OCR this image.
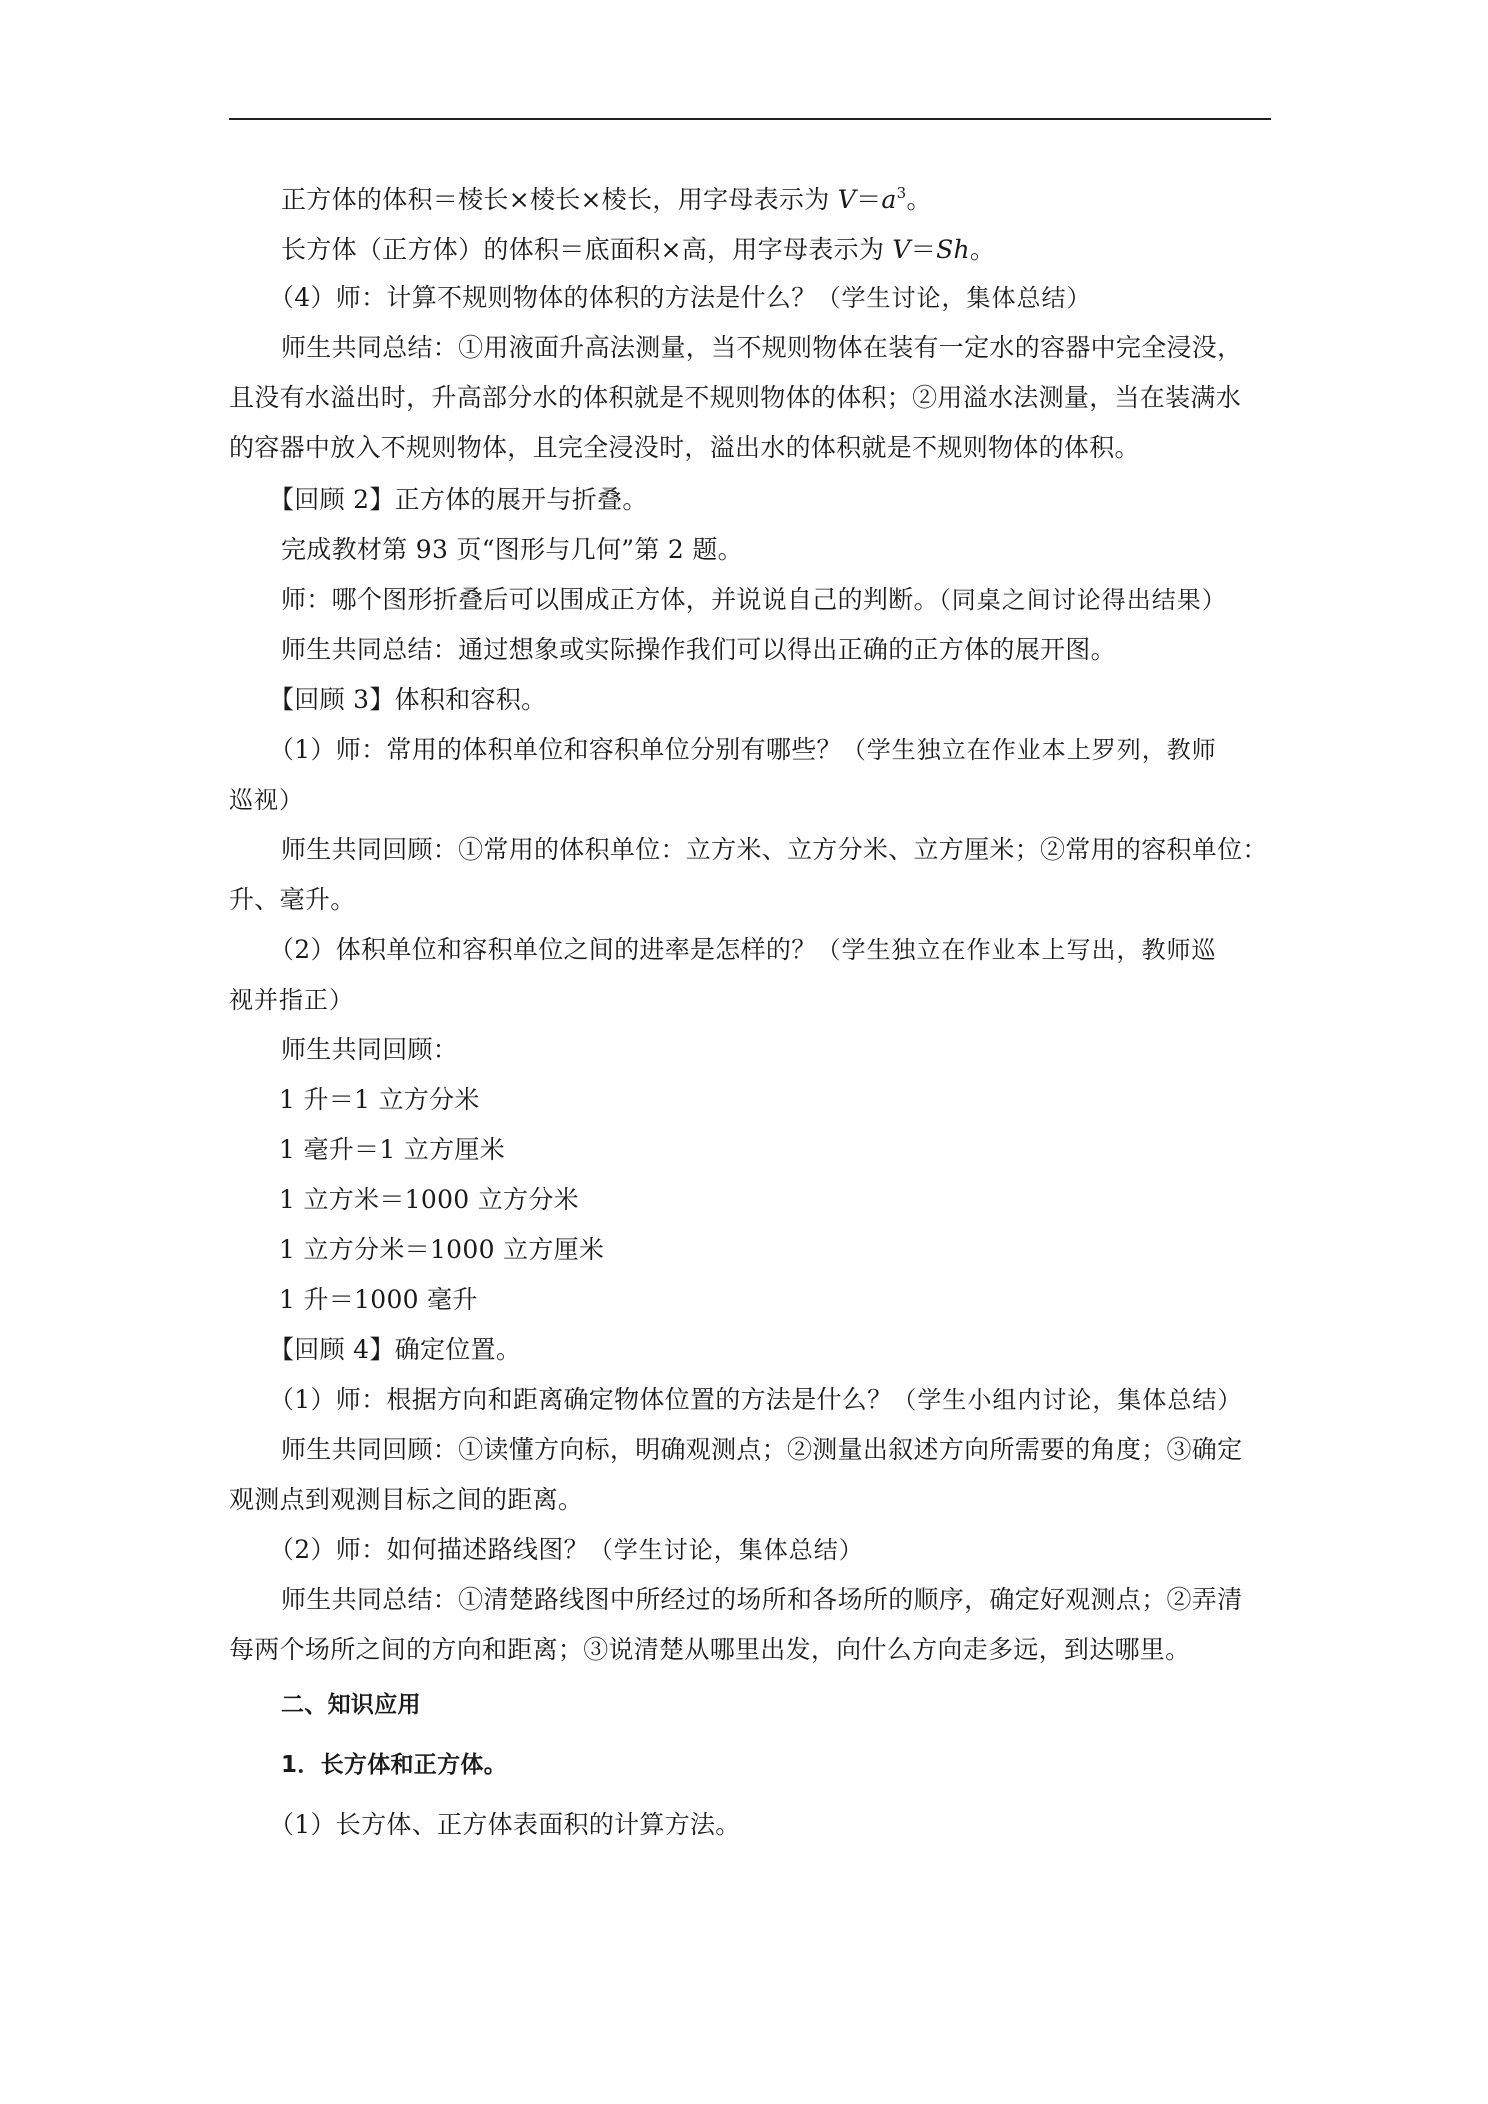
正方体的体积＝棱长×棱长×棱长，用字母表示为 $V=a^3$。
长方体（正方体）的体积＝底面积×高，用字母表示为 V＝Sh。
（4）师：计算不规则物体的体积的方法是什么？（学生讨论，集体总结）
师生共同总结：①用液面升高法测量，当不规则物体在装有一定水的容器中完全浸没，
且没有水溢出时，升高部分水的体积就是不规则物体的体积；②用溢水法测量，当在装满水
的容器中放入不规则物体，且完全浸没时，溢出水的体积就是不规则物体的体积。
【回顾 2】正方体的展开与折叠。
完成教材第 93 页“图形与几何”第 2 题。
师：哪个图形折叠后可以围成正方体，并说说自己的判断。（同桌之间讨论得出结果）
师生共同总结：通过想象或实际操作我们可以得出正确的正方体的展开图。
【回顾 3】体积和容积。
（1）师：常用的体积单位和容积单位分别有哪些？（学生独立在作业本上罗列，教师
巡视）
师生共同回顾：①常用的体积单位：立方米、立方分米、立方厘米；②常用的容积单位：
升、毫升。
（2）体积单位和容积单位之间的进率是怎样的？（学生独立在作业本上写出，教师巡
视并指正）
师生共同回顾：
1 升＝1 立方分米
1 毫升＝1 立方厘米
1 立方米＝1000 立方分米
1 立方分米＝1000 立方厘米
1 升＝1000 毫升
【回顾 4】确定位置。
（1）师：根据方向和距离确定物体位置的方法是什么？（学生小组内讨论，集体总结）
师生共同回顾：①读懂方向标，明确观测点；②测量出叙述方向所需要的角度；③确定
观测点到观测目标之间的距离。
（2）师：如何描述路线图？（学生讨论，集体总结）
师生共同总结：①清楚路线图中所经过的场所和各场所的顺序，确定好观测点；②弄清
每两个场所之间的方向和距离；③说清楚从哪里出发，向什么方向走多远，到达哪里。
二、知识应用
1．长方体和正方体。
（1）长方体、正方体表面积的计算方法。
